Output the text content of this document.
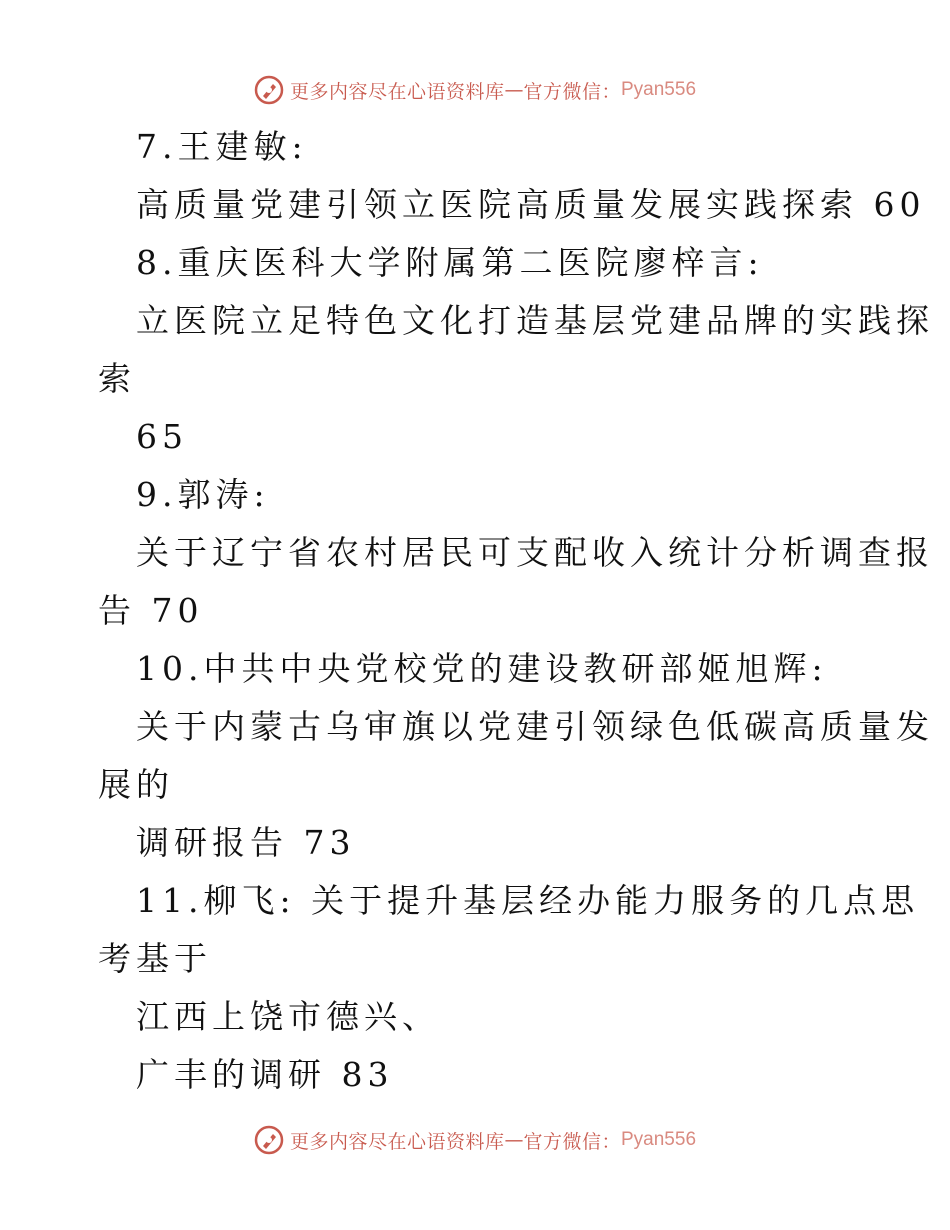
更多内容尽在心语资料库 — 官方微信： Pyan556
7.王建敏:
高质量党建引领立医院高质量发展实践探索 60
8.重庆医科大学附属第二医院廖梓言:
立医院立足特色文化打造基层党建品牌的实践探
索
65
9.郭涛:
关于辽宁省农村居民可支配收入统计分析调查报
告 70
10.中共中央党校党的建设教研部姬旭辉:
关于内蒙古乌审旗以党建引领绿色低碳高质量发
展的
调研报告 73
11.柳飞: 关于提升基层经办能力服务的几点思
考基于
江西上饶市德兴、
广丰的调研 83
更多内容尽在心语资料库 — 官方微信： Pyan556
